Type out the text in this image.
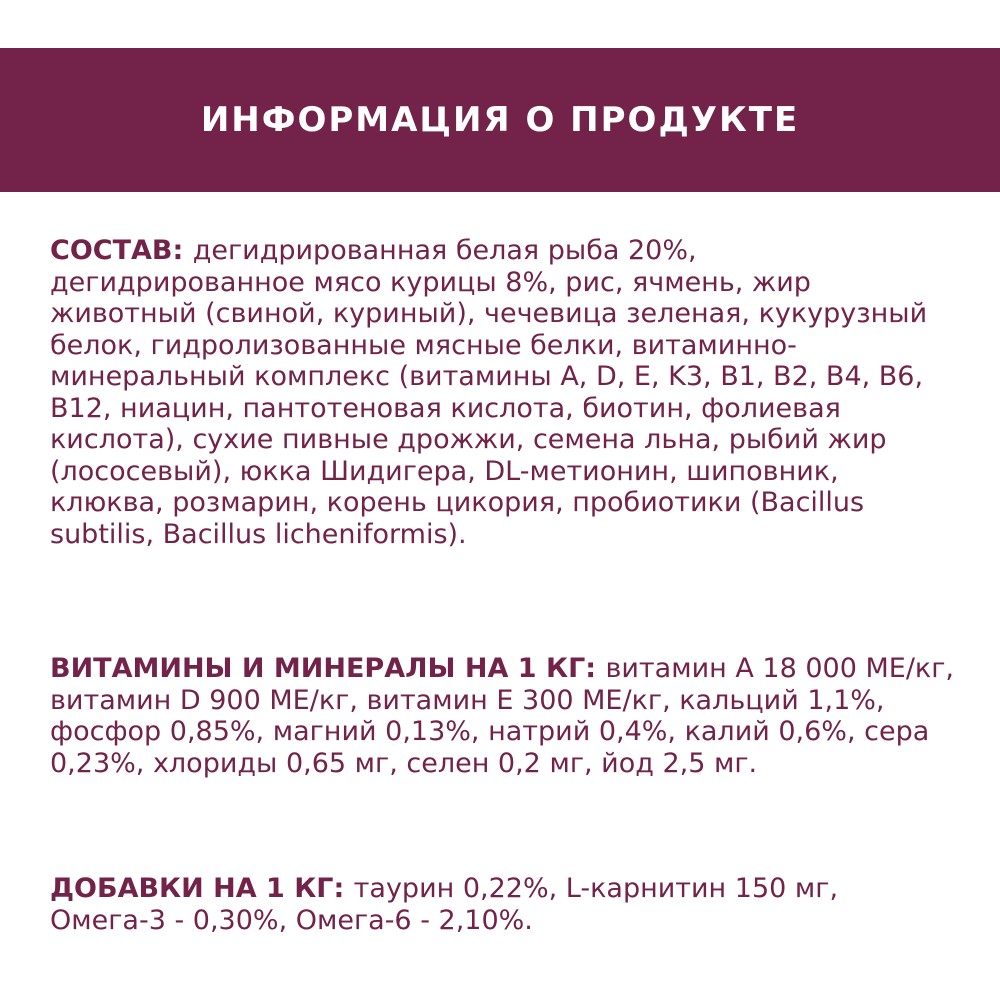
ИНФОРМАЦИЯ О ПРОДУКТЕ
СОСТАВ: дегидрированная белая рыба 20%, дегидрированное мясо курицы 8%, рис, ячмень, жир животный (свиной, куриный), чечевица зеленая, кукурузный белок, гидролизованные мясные белки, витаминно-минеральный комплекс (витамины A, D, E, K3, B1, B2, B4, B6, B12, ниацин, пантотеновая кислота, биотин, фолиевая кислота), сухие пивные дрожжи, семена льна, рыбий жир (лососевый), юкка Шидигера, DL-метионин, шиповник, клюква, розмарин, корень цикория, пробиотики (Bacillus subtilis, Bacillus licheniformis).
ВИТАМИНЫ И МИНЕРАЛЫ НА 1 КГ: витамин А 18 000 МЕ/кг, витамин D 900 МЕ/кг, витамин Е 300 МЕ/кг, кальций 1,1%, фосфор 0,85%, магний 0,13%, натрий 0,4%, калий 0,6%, сера 0,23%, хлориды 0,65 мг, селен 0,2 мг, йод 2,5 мг.
ДОБАВКИ НА 1 КГ: таурин 0,22%, L-карнитин 150 мг, Омега-3 - 0,30%, Омега-6 - 2,10%.
